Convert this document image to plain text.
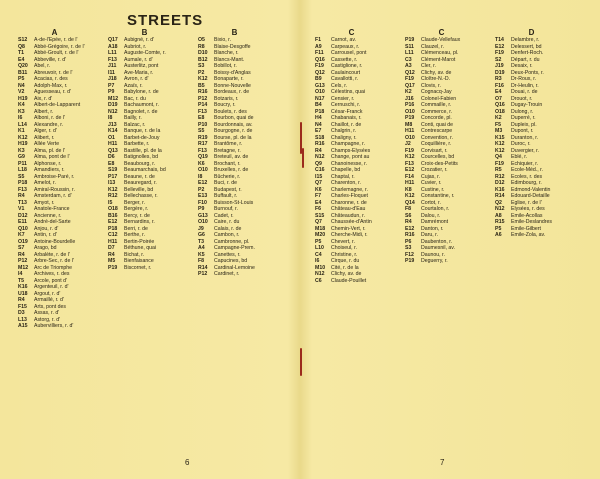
STREETS
A
S12	A-de-l'Épée, r. de l'
Q8	Abbé-Grégoire, r. de l'
T1	Abbé-Groult, r. de l'
E4	Abbeville, r. d'
Q20	Abel, r.
B11	Abreuvoir, r. de l'
P5	Acacias, r. des
N4	Adolph-Max, r.
V2	Aguesseau, r. d'
H19	Aix, r. d'
K4	Albert-de-Lapparent
K3	Albert, r.
I6	Alboni, r. de l'
L14	Alexandre, r.
K1	Alger, r. d'
K12	Alibert, r.
H19	Allée Verte
K3	Alma, pl. de l'
G9	Alma, pont de l'
P11	Alphonse, r.
L18	Amandiers, r.
S5	Ambroise-Paré, r.
P18	Amelot, r.
F13	Amiral-Roussin, r.
R4	Amsterdam, r. d'
T13	Amyot, r.
V1	Anatole-France
D12	Ancienne, r.
E11	André-del-Sarte
Q10	Anjou, r. d'
K7	Antin, r. d'
O19	Antoine-Bourdelle
S7	Arago, bd
R4	Arbalète, r. de l'
P12	Arbre-Sec, r. de l'
M12	Arc de Triomphe
I4	Archives, r. des
T5	Arcole, pont d'
K16	Argenteuil, r. d'
U18	Argout, r. d'
R4	Armaillé, r. d'
F15	Arts, pont des
D3	Assas, r. d'
L13	Astorg, r. d'
A15	Aubervilliers, r. d'
B
Q17	Aubigné, r. d'
A18	Aubriot, r.
L11	Auguste-Comte, r.
F13	Aumale, r. d'
J11	Austerlitz, pont
I11	Ave-Maria, r.
J18	Avron, r. d'
P7	Azaïs, r.
P9	Babylone, r. de
M12	Bac, r. du
D19	Bachaumont, r.
N12	Bagnolet, r. de
I8	Bailly, r.
J13	Balzac, r.
K14	Banque, r. de la
O1	Barbet-de-Jouy
H11	Barbette, r.
Q13	Bastille, pl. de la
D6	Batignolles, bd
E8	Beaubourg, r.
S19	Beaumarchais, bd
P17	Beaune, r. de
I13	Beauregard, r.
K12	Belleville, bd
R12	Bellechasse, r.
I5	Berger, r.
O18	Bergère, r.
B16	Bercy, r. de
E12	Bernardins, r.
P18	Berri, r. de
C12	Berthe, r.
H11	Bertin-Poirée
D7	Béthune, quai
R4	Bichat, r.
M5	Bienfaisance
P19	Biscornet, r.
B
O5	Bixio, r.
R8	Blaise-Desgoffe
D10	Blanche, r.
B12	Blancs-Mant.
S3	Bobillot, r.
P2	Boissy-d'Anglas
K12	Bonaparte, r.
B5	Bonne-Nouvelle
R16	Bordeaux, r. de
P12	Botzaris, r.
P14	Boucry, r.
F13	Boulets, r. des
E8	Bourbon, quai de
P10	Bourdonnais, av.
S5	Bourgogne, r. de
R19	Bourse, pl. de la
R17	Brantôme, r.
F13	Bretagne, r.
Q19	Breteuil, av. de
K6	Brochant, r.
O10	Bruxelles, r. de
I8	Bûcherie, r.
E12	Buci, r. de
P2	Budapest, r.
E13	Buffault, r.
F10	Buisson-St-Louis
P9	Burnouf, r.
G13	Cadet, r.
O10	Caire, r. du
J9	Calais, r. de
G6	Cambon, r.
T3	Cambronne, pl.
A4	Campagne-Prem.
K5	Canettes, r.
F8	Capucines, bd
R14	Cardinal-Lemoine
P12	Cardinet, r.
C
F1	Carnot, av.
A9	Carpeaux, r.
F11	Carrousel, pont
Q16	Cassette, r.
F19	Castiglione, r.
Q12	Caulaincourt
B9	Cavallotti, r.
G13	Cels, r.
O10	Célestins, quai
N17	Censier, r.
B4	Cernuschi, r.
P18	César-Franck
H4	Chabanais, r.
N4	Chaillot, r. de
E7	Chalgrin, r.
S18	Chaligny, r.
R16	Champagne, r.
R4	Champs-Élysées
N12	Change, pont au
Q9	Chanoinesse, r.
C16	Chapelle, bd
I15	Chaptal, r.
Q7	Charenton, r.
K6	Charlemagne, r.
F7	Charles-Floquet
E4	Charonne, r. de
F6	Château-d'Eau
S15	Châteaudun, r.
Q7	Chaussée-d'Antin
M18	Chemin-Vert, r.
M20	Cherche-Midi, r.
P5	Chevert, r.
L10	Choiseul, r.
C4	Christine, r.
I6	Cirque, r. du
M10	Cité, r. de la
N12	Clichy, av. de
C6	Claude-Pouillet
C
P19	Claude-Vellefaux
S11	Clauzel, r.
L11	Clémenceau, pl.
C3	Clément-Marot
A3	Cler, r.
Q12	Clichy, av. de
F19	Cloître-N.-D.
Q17	Clovis, r.
K2	Cognacq-Jay
J16	Colonel-Fabien
P16	Commaille, r.
O10	Commerce, r.
P19	Concorde, pl.
M8	Conti, quai de
H11	Contrescarpe
O10	Convention, r.
J2	Coquillière, r.
F19	Corvisart, r.
K12	Courcelles, bd
F13	Croix-des-Petits
E12	Crozatier, r.
F14	Cujas, r.
H11	Cuvier, r.
K8	Custine, r.
K12	Constantine, r.
Q14	Cortot, r.
F8	Courtalon, r.
S6	Dalou, r.
R4	Damrémont
E12	Danton, r.
R16	Daru, r.
P6	Daubenton, r.
S3	Daumesnil, av.
F12	Daunou, r.
P19	Deguerry, r.
D
T14	Delambre, r.
E12	Delessert, bd
F19	Denfert-Roch.
S2	Départ, r. du
J19	Desaix, r.
D19	Deux-Ponts, r.
R3	Dr-Roux, r.
F16	Dr-Heulin, r.
E4	Douai, r. de
O7	Drouot, r.
Q16	Dugay-Trouin
O18	Dulong, r.
K2	Duperré, r.
F5	Dupleix, pl.
M3	Dupont, r.
K15	Duranton, r.
K12	Duroc, r.
K12	Duvergier, r.
Q4	Eblé, r.
F19	Échiquier, r.
R5	École-Méd., r.
R12	Écoles, r. des
D12	Edimbourg, r.
K16	Edmond-Valentin
R14	Edouard-Detaille
Q2	Église, r. de l'
N12	Élysées, r. des
A8	Émile-Acollas
R15	Émile-Deslandres
P5	Émile-Gilbert
A6	Émile-Zola, av.
6	7
